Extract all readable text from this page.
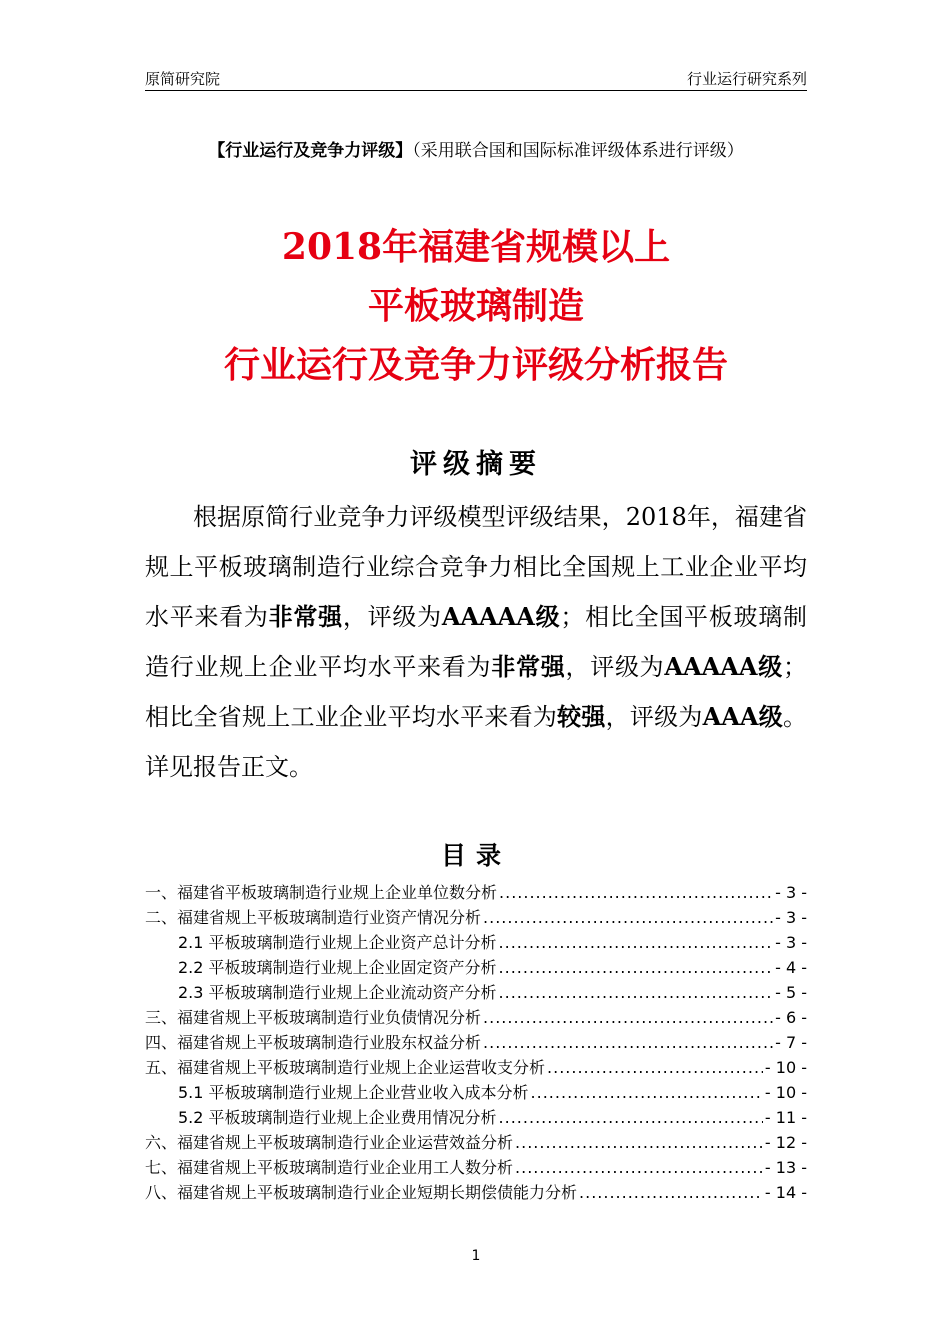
原简研究院	行业运行研究系列
【行业运行及竞争力评级】（采用联合国和国际标准评级体系进行评级）
2018年福建省规模以上
平板玻璃制造
行业运行及竞争力评级分析报告
评级摘要
根据原简行业竞争力评级模型评级结果，2018年，福建省规上平板玻璃制造行业综合竞争力相比全国规上工业企业平均水平来看为非常强，评级为AAAAA级；相比全国平板玻璃制造行业规上企业平均水平来看为非常强，评级为AAAAA级；相比全省规上工业企业平均水平来看为较强，评级为AAA级。详见报告正文。
目录
一、福建省平板玻璃制造行业规上企业单位数分析 .....	- 3 -
二、福建省规上平板玻璃制造行业资产情况分析 .....	- 3 -
2.1 平板玻璃制造行业规上企业资产总计分析 .....	- 3 -
2.2 平板玻璃制造行业规上企业固定资产分析 .....	- 4 -
2.3 平板玻璃制造行业规上企业流动资产分析 .....	- 5 -
三、福建省规上平板玻璃制造行业负债情况分析 .....	- 6 -
四、福建省规上平板玻璃制造行业股东权益分析 .....	- 7 -
五、福建省规上平板玻璃制造行业规上企业运营收支分析 .....	- 10 -
5.1 平板玻璃制造行业规上企业营业收入成本分析 .....	- 10 -
5.2 平板玻璃制造行业规上企业费用情况分析 .....	- 11 -
六、福建省规上平板玻璃制造行业企业运营效益分析 .....	- 12 -
七、福建省规上平板玻璃制造行业企业用工人数分析 .....	- 13 -
八、福建省规上平板玻璃制造行业企业短期长期偿债能力分析 .....	- 14 -
1
